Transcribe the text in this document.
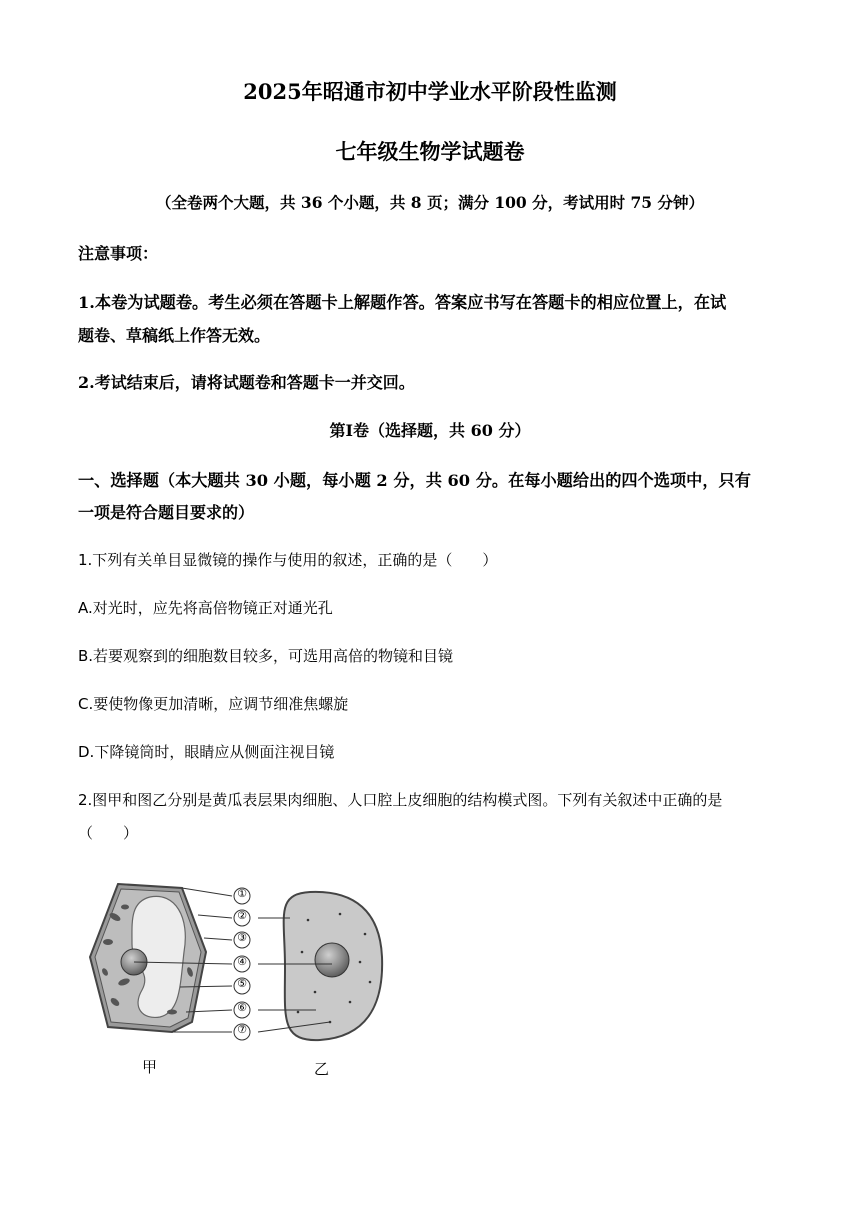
2025年昭通市初中学业水平阶段性监测
七年级生物学试题卷
（全卷两个大题，共 36 个小题，共 8 页；满分 100 分，考试用时 75 分钟）
注意事项：
1.本卷为试题卷。考生必须在答题卡上解题作答。答案应书写在答题卡的相应位置上，在试
题卷、草稿纸上作答无效。
2.考试结束后，请将试题卷和答题卡一并交回。
第Ⅰ卷（选择题，共 60 分）
一、选择题（本大题共 30 小题，每小题 2 分，共 60 分。在每小题给出的四个选项中，只有
一项是符合题目要求的）
1.下列有关单目显微镜的操作与使用的叙述，正确的是（　　）
A.对光时，应先将高倍物镜正对通光孔
B.若要观察到的细胞数目较多，可选用高倍的物镜和目镜
C.要使物像更加清晰，应调节细准焦螺旋
D.下降镜筒时，眼睛应从侧面注视目镜
2.图甲和图乙分别是黄瓜表层果肉细胞、人口腔上皮细胞的结构模式图。下列有关叙述中正确的是
（　　）
①
②
③
④
⑤
⑥
⑦
甲	乙
